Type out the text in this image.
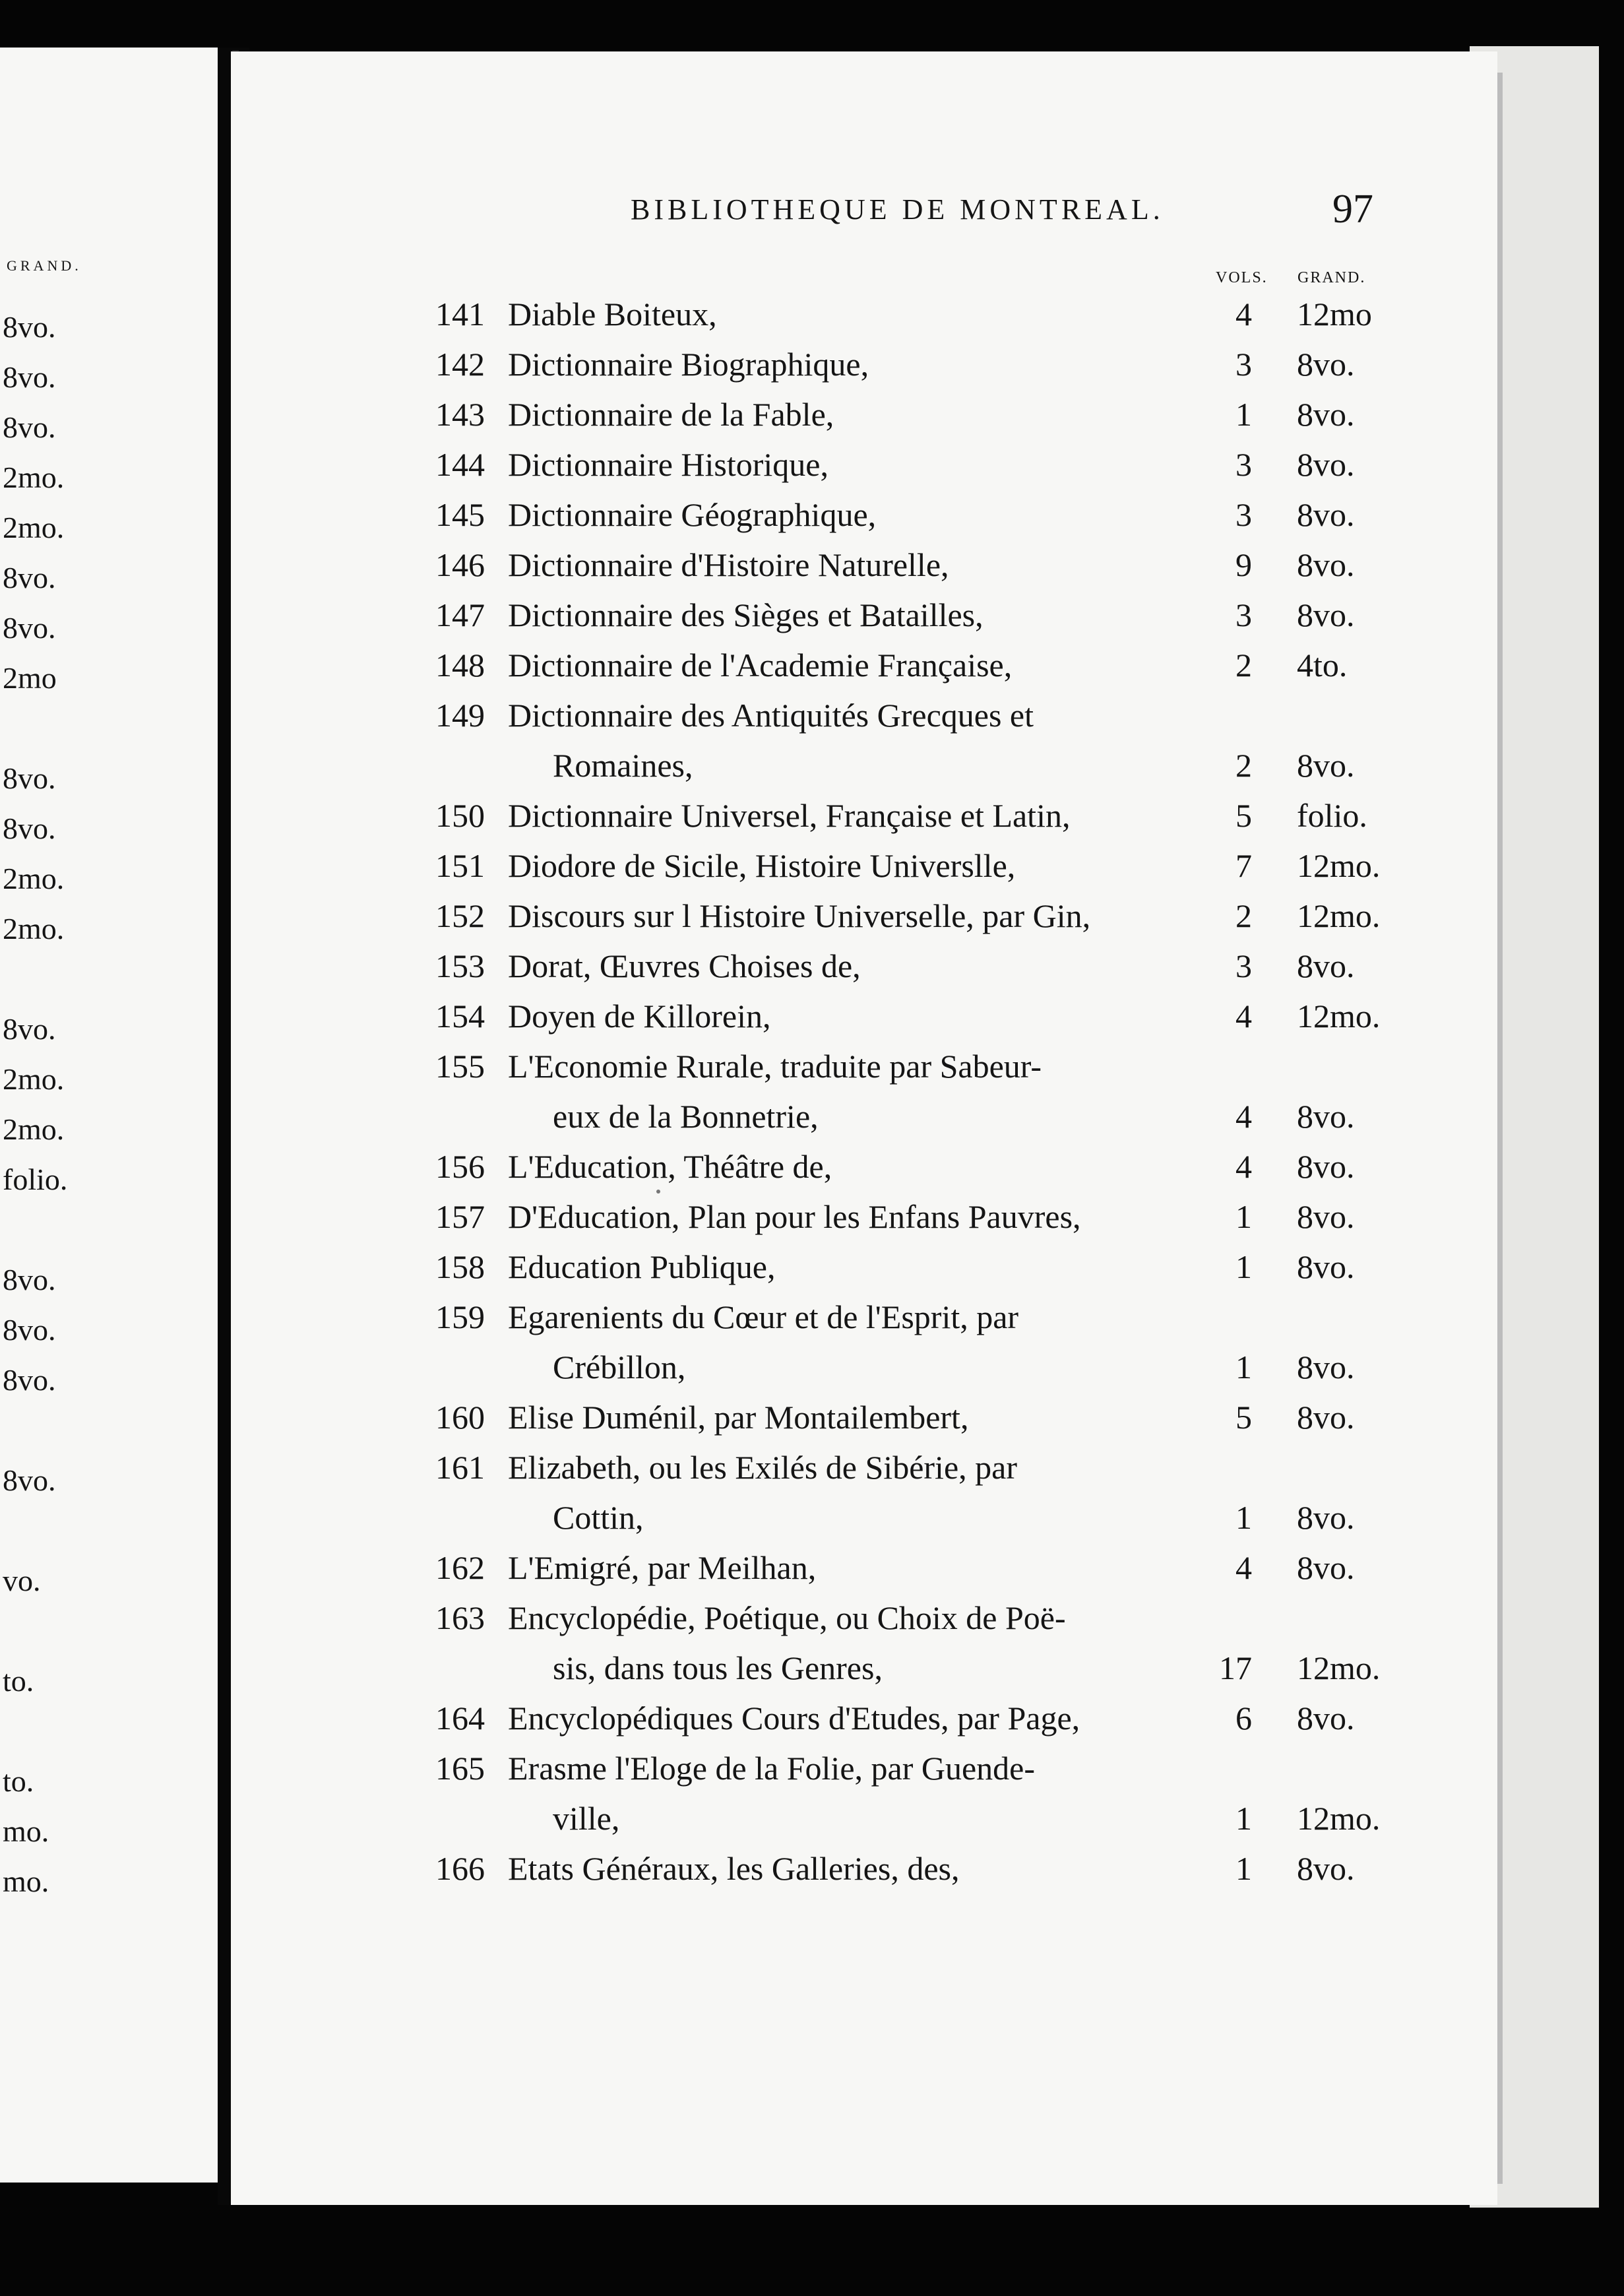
GRAND.
8vo.
8vo.
8vo.
2mo.
2mo.
8vo.
8vo.
2mo
8vo.
8vo.
2mo.
2mo.
8vo.
2mo.
2mo.
folio.
8vo.
8vo.
8vo.
8vo.
vo.
to.
to.
mo.
mo.
BIBLIOTHEQUE DE MONTREAL.	97
VOLS. GRAND.
141 Diable Boiteux,	4 12mo
142 Dictionnaire Biographique,	3 8vo.
143 Dictionnaire de la Fable,	1 8vo.
144 Dictionnaire Historique,	3 8vo.
145 Dictionnaire Géographique,	3 8vo.
146 Dictionnaire d'Histoire Naturelle,	9 8vo.
147 Dictionnaire des Sièges et Batailles,	3 8vo.
148 Dictionnaire de l'Academie Française,	2 4to.
149 Dictionnaire des Antiquités Grecques et
Romaines,	2 8vo.
150 Dictionnaire Universel, Française et Latin,	5 folio.
151 Diodore de Sicile, Histoire Universlle,	7 12mo.
152 Discours sur l Histoire Universelle, par Gin,	2 12mo.
153 Dorat, Œuvres Choises de,	3 8vo.
154 Doyen de Killorein,	4 12mo.
155 L'Economie Rurale, traduite par Sabeur-
eux de la Bonnetrie,	4 8vo.
156 L'Education, Théâtre de,	4 8vo.
157 D'Education, Plan pour les Enfans Pauvres,	1 8vo.
158 Education Publique,	1 8vo.
159 Egarenients du Cœur et de l'Esprit, par
Crébillon,	1 8vo.
160 Elise Duménil, par Montailembert,	5 8vo.
161 Elizabeth, ou les Exilés de Sibérie, par
Cottin,	1 8vo.
162 L'Emigré, par Meilhan,	4 8vo.
163 Encyclopédie, Poétique, ou Choix de Poë-
sis, dans tous les Genres,	17 12mo.
164 Encyclopédiques Cours d'Etudes, par Page,	6 8vo.
165 Erasme l'Eloge de la Folie, par Guende-
ville,	1 12mo.
166 Etats Généraux, les Galleries, des,	1 8vo.
